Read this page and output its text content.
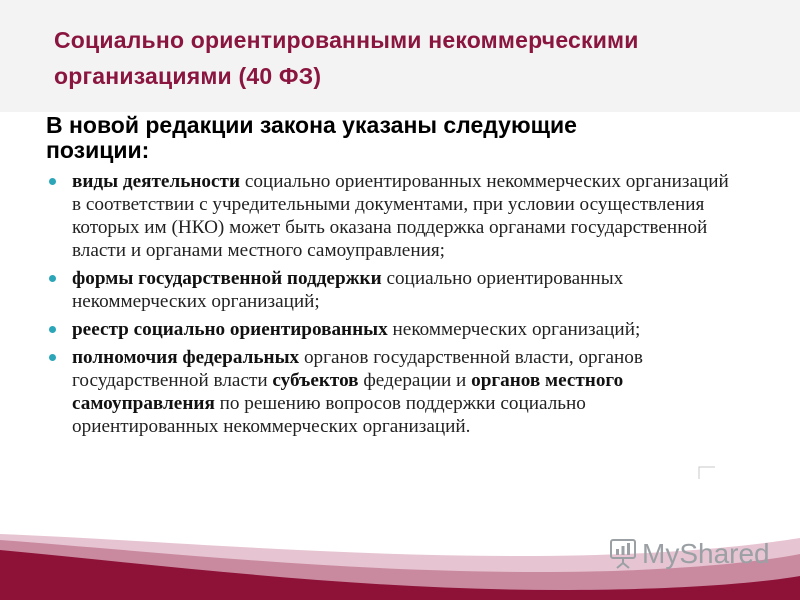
Социально ориентированными некоммерческими
организациями (40 ФЗ)
В новой редакции закона указаны следующие
позиции:
виды деятельности социально ориентированных некоммерческих организаций в соответствии с учредительными документами, при условии осуществления которых им (НКО) может быть оказана поддержка органами государственной власти и органами местного самоуправления;
формы государственной поддержки социально ориентированных некоммерческих организаций;
реестр социально ориентированных некоммерческих организаций;
полномочия федеральных органов государственной власти, органов государственной власти субъектов федерации и органов местного самоуправления по решению вопросов поддержки социально ориентированных некоммерческих организаций.
MyShared
